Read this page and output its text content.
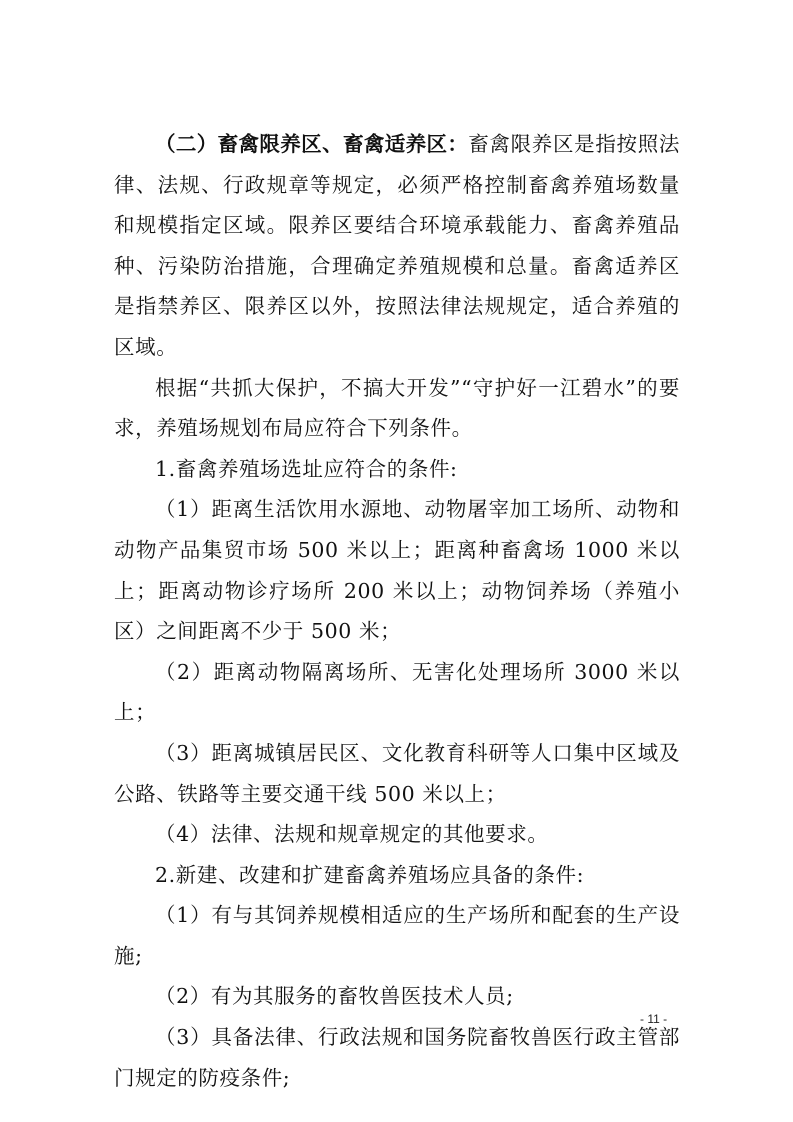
（二）畜禽限养区、畜禽适养区：畜禽限养区是指按照法律、法规、行政规章等规定，必须严格控制畜禽养殖场数量和规模指定区域。限养区要结合环境承载能力、畜禽养殖品种、污染防治措施，合理确定养殖规模和总量。畜禽适养区是指禁养区、限养区以外，按照法律法规规定，适合养殖的区域。

根据“共抓大保护，不搞大开发”“守护好一江碧水”的要求，养殖场规划布局应符合下列条件。

1.畜禽养殖场选址应符合的条件:

（1）距离生活饮用水源地、动物屠宰加工场所、动物和动物产品集贸市场 500 米以上；距离种畜禽场 1000 米以上；距离动物诊疗场所 200 米以上；动物饲养场（养殖小区）之间距离不少于 500 米；

（2）距离动物隔离场所、无害化处理场所 3000 米以上；

（3）距离城镇居民区、文化教育科研等人口集中区域及公路、铁路等主要交通干线 500 米以上；

（4）法律、法规和规章规定的其他要求。

2.新建、改建和扩建畜禽养殖场应具备的条件:

（1）有与其饲养规模相适应的生产场所和配套的生产设施;

（2）有为其服务的畜牧兽医技术人员;

（3）具备法律、行政法规和国务院畜牧兽医行政主管部门规定的防疫条件;

- 11 -
